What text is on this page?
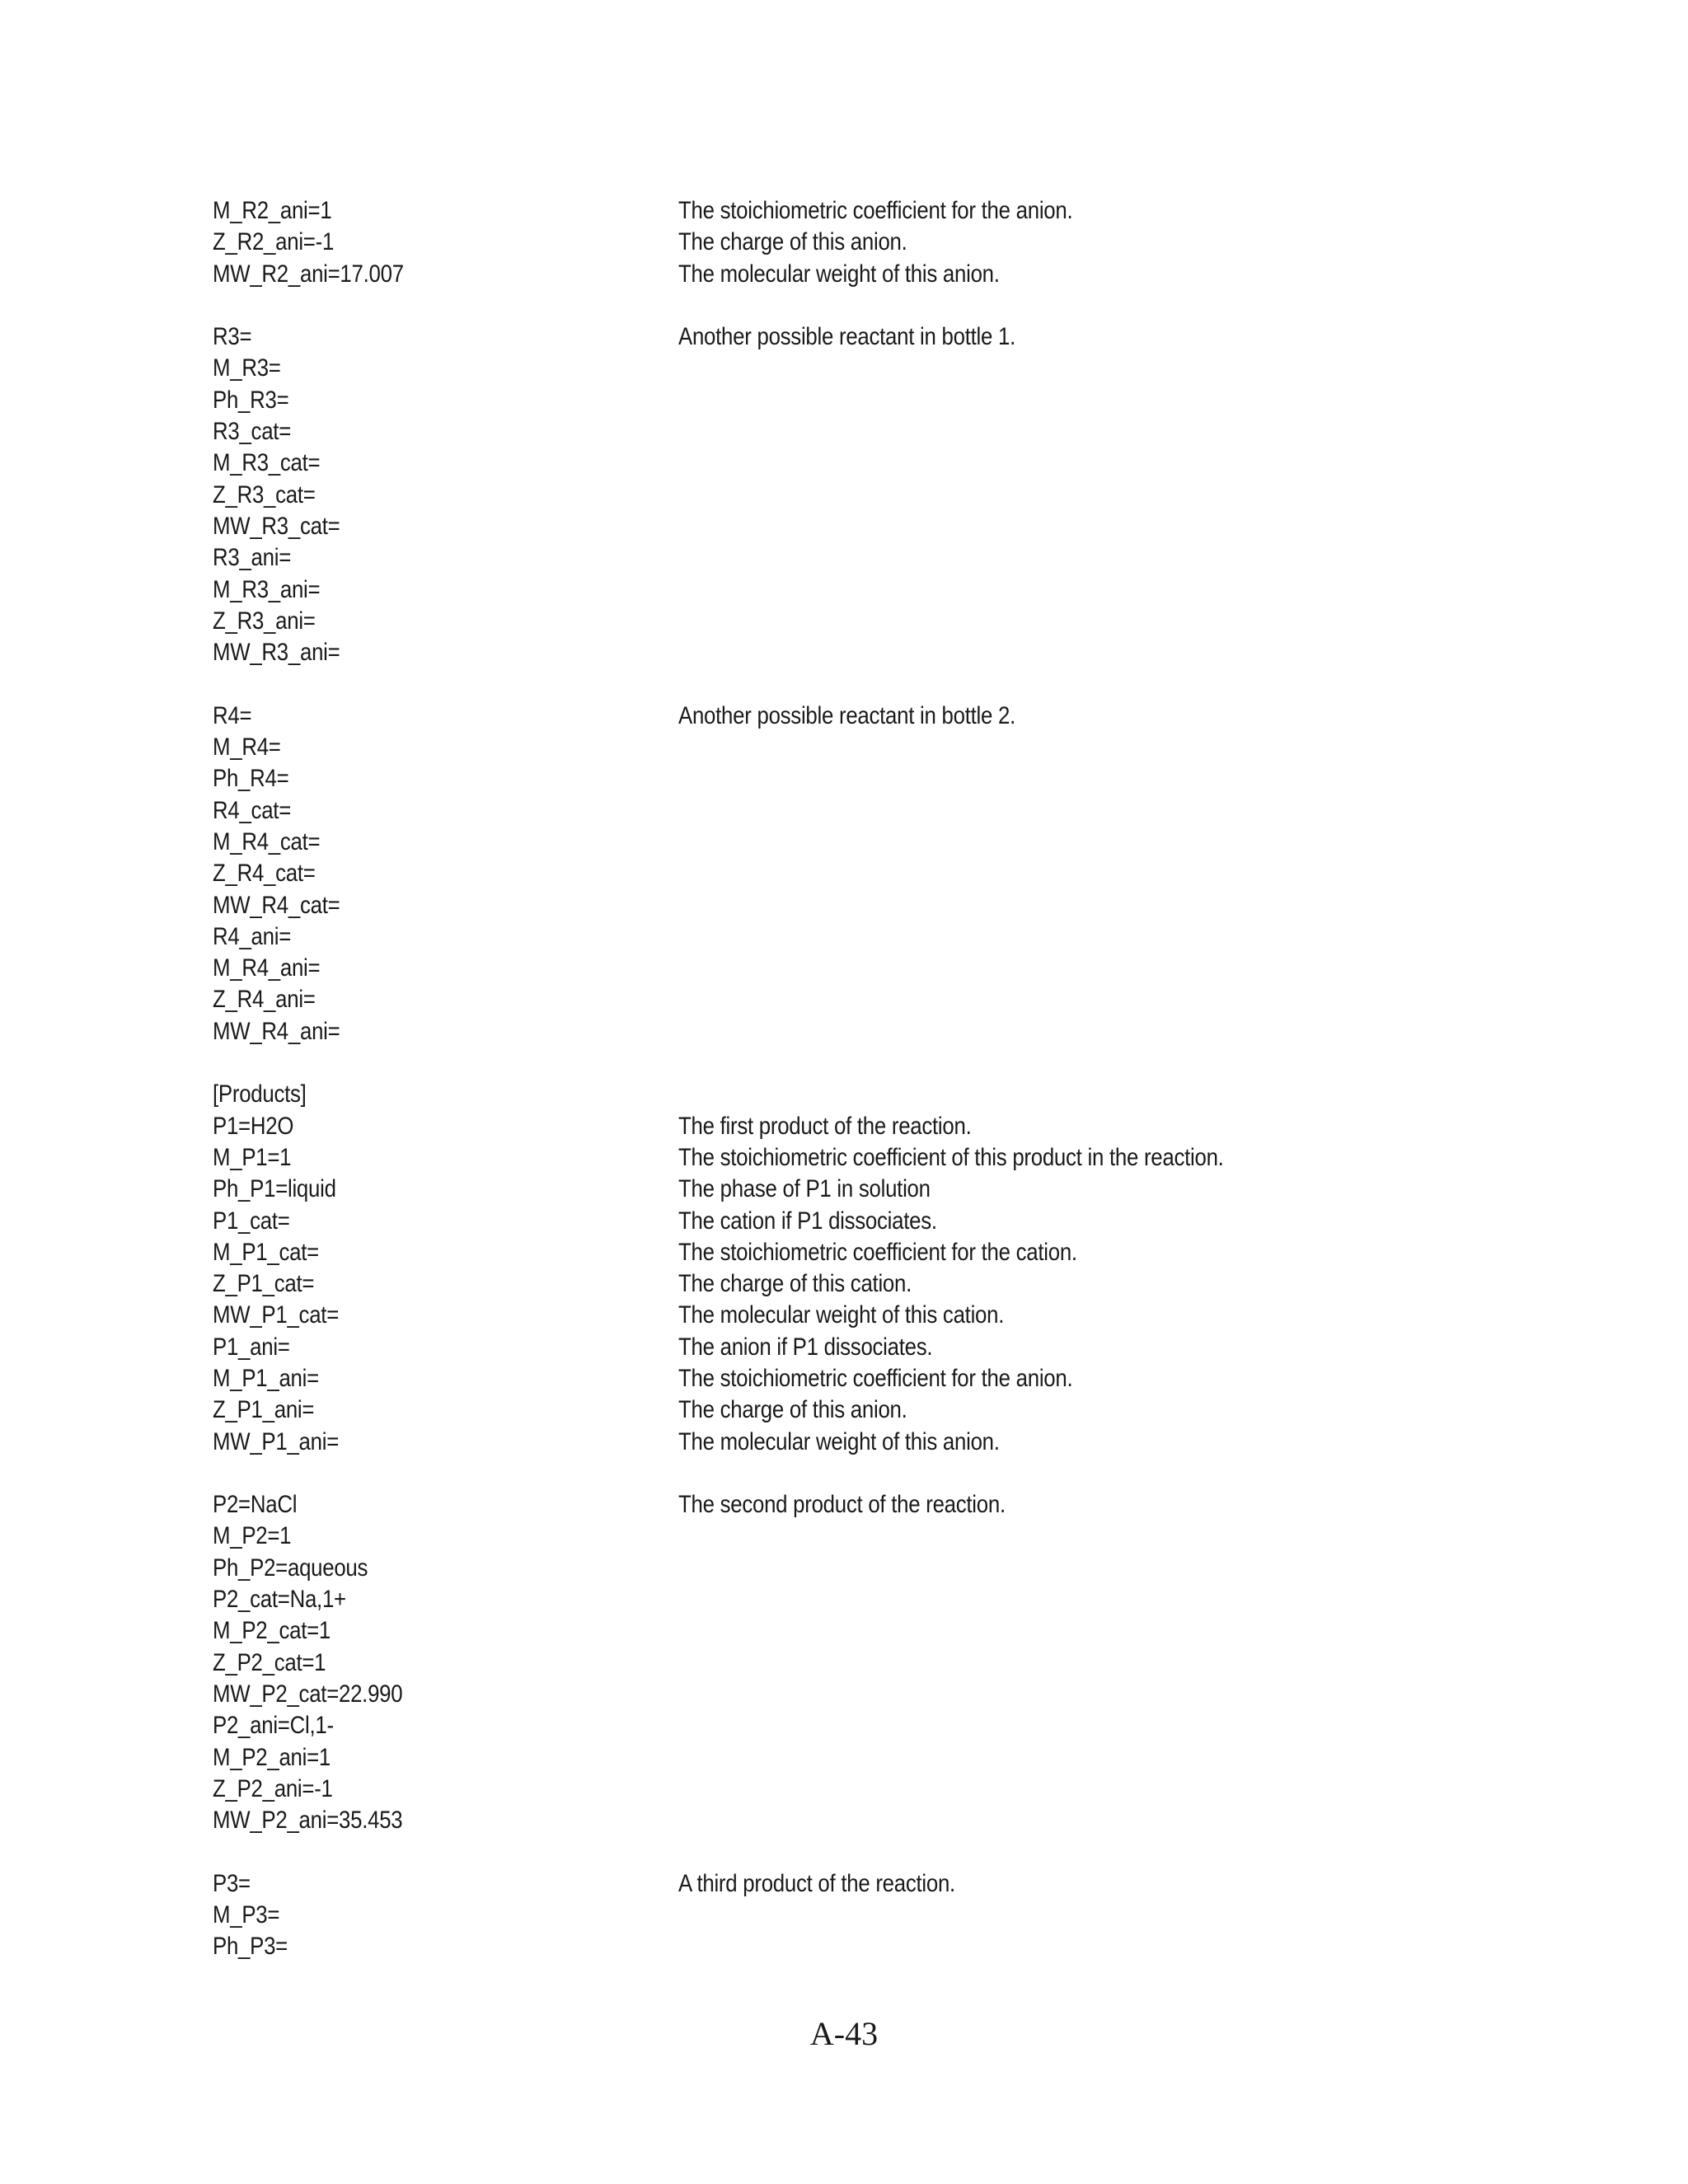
M_R2_ani=1	The stoichiometric coefficient for the anion.
Z_R2_ani=-1	The charge of this anion.
MW_R2_ani=17.007	The molecular weight of this anion.
R3=	Another possible reactant in bottle 1.
M_R3=
Ph_R3=
R3_cat=
M_R3_cat=
Z_R3_cat=
MW_R3_cat=
R3_ani=
M_R3_ani=
Z_R3_ani=
MW_R3_ani=
R4=	Another possible reactant in bottle 2.
M_R4=
Ph_R4=
R4_cat=
M_R4_cat=
Z_R4_cat=
MW_R4_cat=
R4_ani=
M_R4_ani=
Z_R4_ani=
MW_R4_ani=
[Products]
P1=H2O	The first product of the reaction.
M_P1=1	The stoichiometric coefficient of this product in the reaction.
Ph_P1=liquid	The phase of P1 in solution
P1_cat=	The cation if P1 dissociates.
M_P1_cat=	The stoichiometric coefficient for the cation.
Z_P1_cat=	The charge of this cation.
MW_P1_cat=	The molecular weight of this cation.
P1_ani=	The anion if P1 dissociates.
M_P1_ani=	The stoichiometric coefficient for the anion.
Z_P1_ani=	The charge of this anion.
MW_P1_ani=	The molecular weight of this anion.
P2=NaCl	The second product of the reaction.
M_P2=1
Ph_P2=aqueous
P2_cat=Na,1+
M_P2_cat=1
Z_P2_cat=1
MW_P2_cat=22.990
P2_ani=Cl,1-
M_P2_ani=1
Z_P2_ani=-1
MW_P2_ani=35.453
P3=	A third product of the reaction.
M_P3=
Ph_P3=
A-43
